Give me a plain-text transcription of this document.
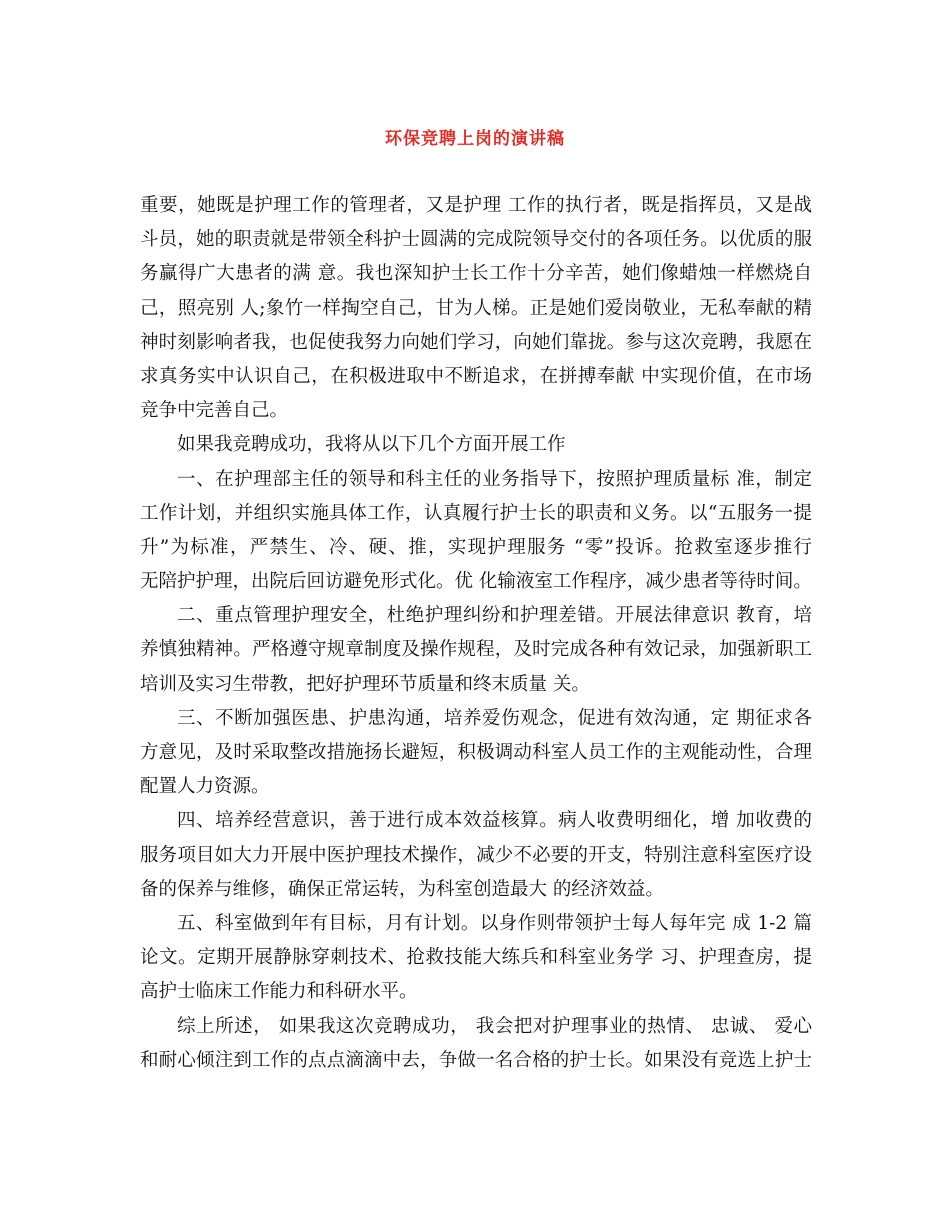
环保竞聘上岗的演讲稿
重要，她既是护理工作的管理者，又是护理 工作的执行者，既是指挥员，又是战
斗员，她的职责就是带领全科护士圆满的完成院领导交付的各项任务。以优质的服
务赢得广大患者的满 意。我也深知护士长工作十分辛苦，她们像蜡烛一样燃烧自
己，照亮别 人;象竹一样掏空自己，甘为人梯。正是她们爱岗敬业，无私奉献的精
神时刻影响者我，也促使我努力向她们学习，向她们靠拢。参与这次竞聘，我愿在
求真务实中认识自己，在积极进取中不断追求，在拼搏奉献 中实现价值，在市场
竞争中完善自己。
如果我竞聘成功，我将从以下几个方面开展工作
一、在护理部主任的领导和科主任的业务指导下，按照护理质量标 准，制定
工作计划，并组织实施具体工作，认真履行护士长的职责和义务。以“五服务一提
升”为标准，严禁生、冷、硬、推，实现护理服务 “零”投诉。抢救室逐步推行
无陪护护理，出院后回访避免形式化。优 化输液室工作程序，减少患者等待时间。
二、重点管理护理安全，杜绝护理纠纷和护理差错。开展法律意识 教育，培
养慎独精神。严格遵守规章制度及操作规程，及时完成各种有效记录，加强新职工
培训及实习生带教，把好护理环节质量和终末质量 关。
三、不断加强医患、护患沟通，培养爱伤观念，促进有效沟通，定 期征求各
方意见，及时采取整改措施扬长避短，积极调动科室人员工作的主观能动性，合理
配置人力资源。
四、培养经营意识，善于进行成本效益核算。病人收费明细化，增 加收费的
服务项目如大力开展中医护理技术操作，减少不必要的开支，特别注意科室医疗设
备的保养与维修，确保正常运转，为科室创造最大 的经济效益。
五、科室做到年有目标，月有计划。以身作则带领护士每人每年完 成 1-2 篇
论文。定期开展静脉穿刺技术、抢救技能大练兵和科室业务学 习、护理查房，提
高护士临床工作能力和科研水平。
综上所述， 如果我这次竞聘成功， 我会把对护理事业的热情、 忠诚、 爱心
和耐心倾注到工作的点点滴滴中去，争做一名合格的护士长。如果没有竞选上护士
